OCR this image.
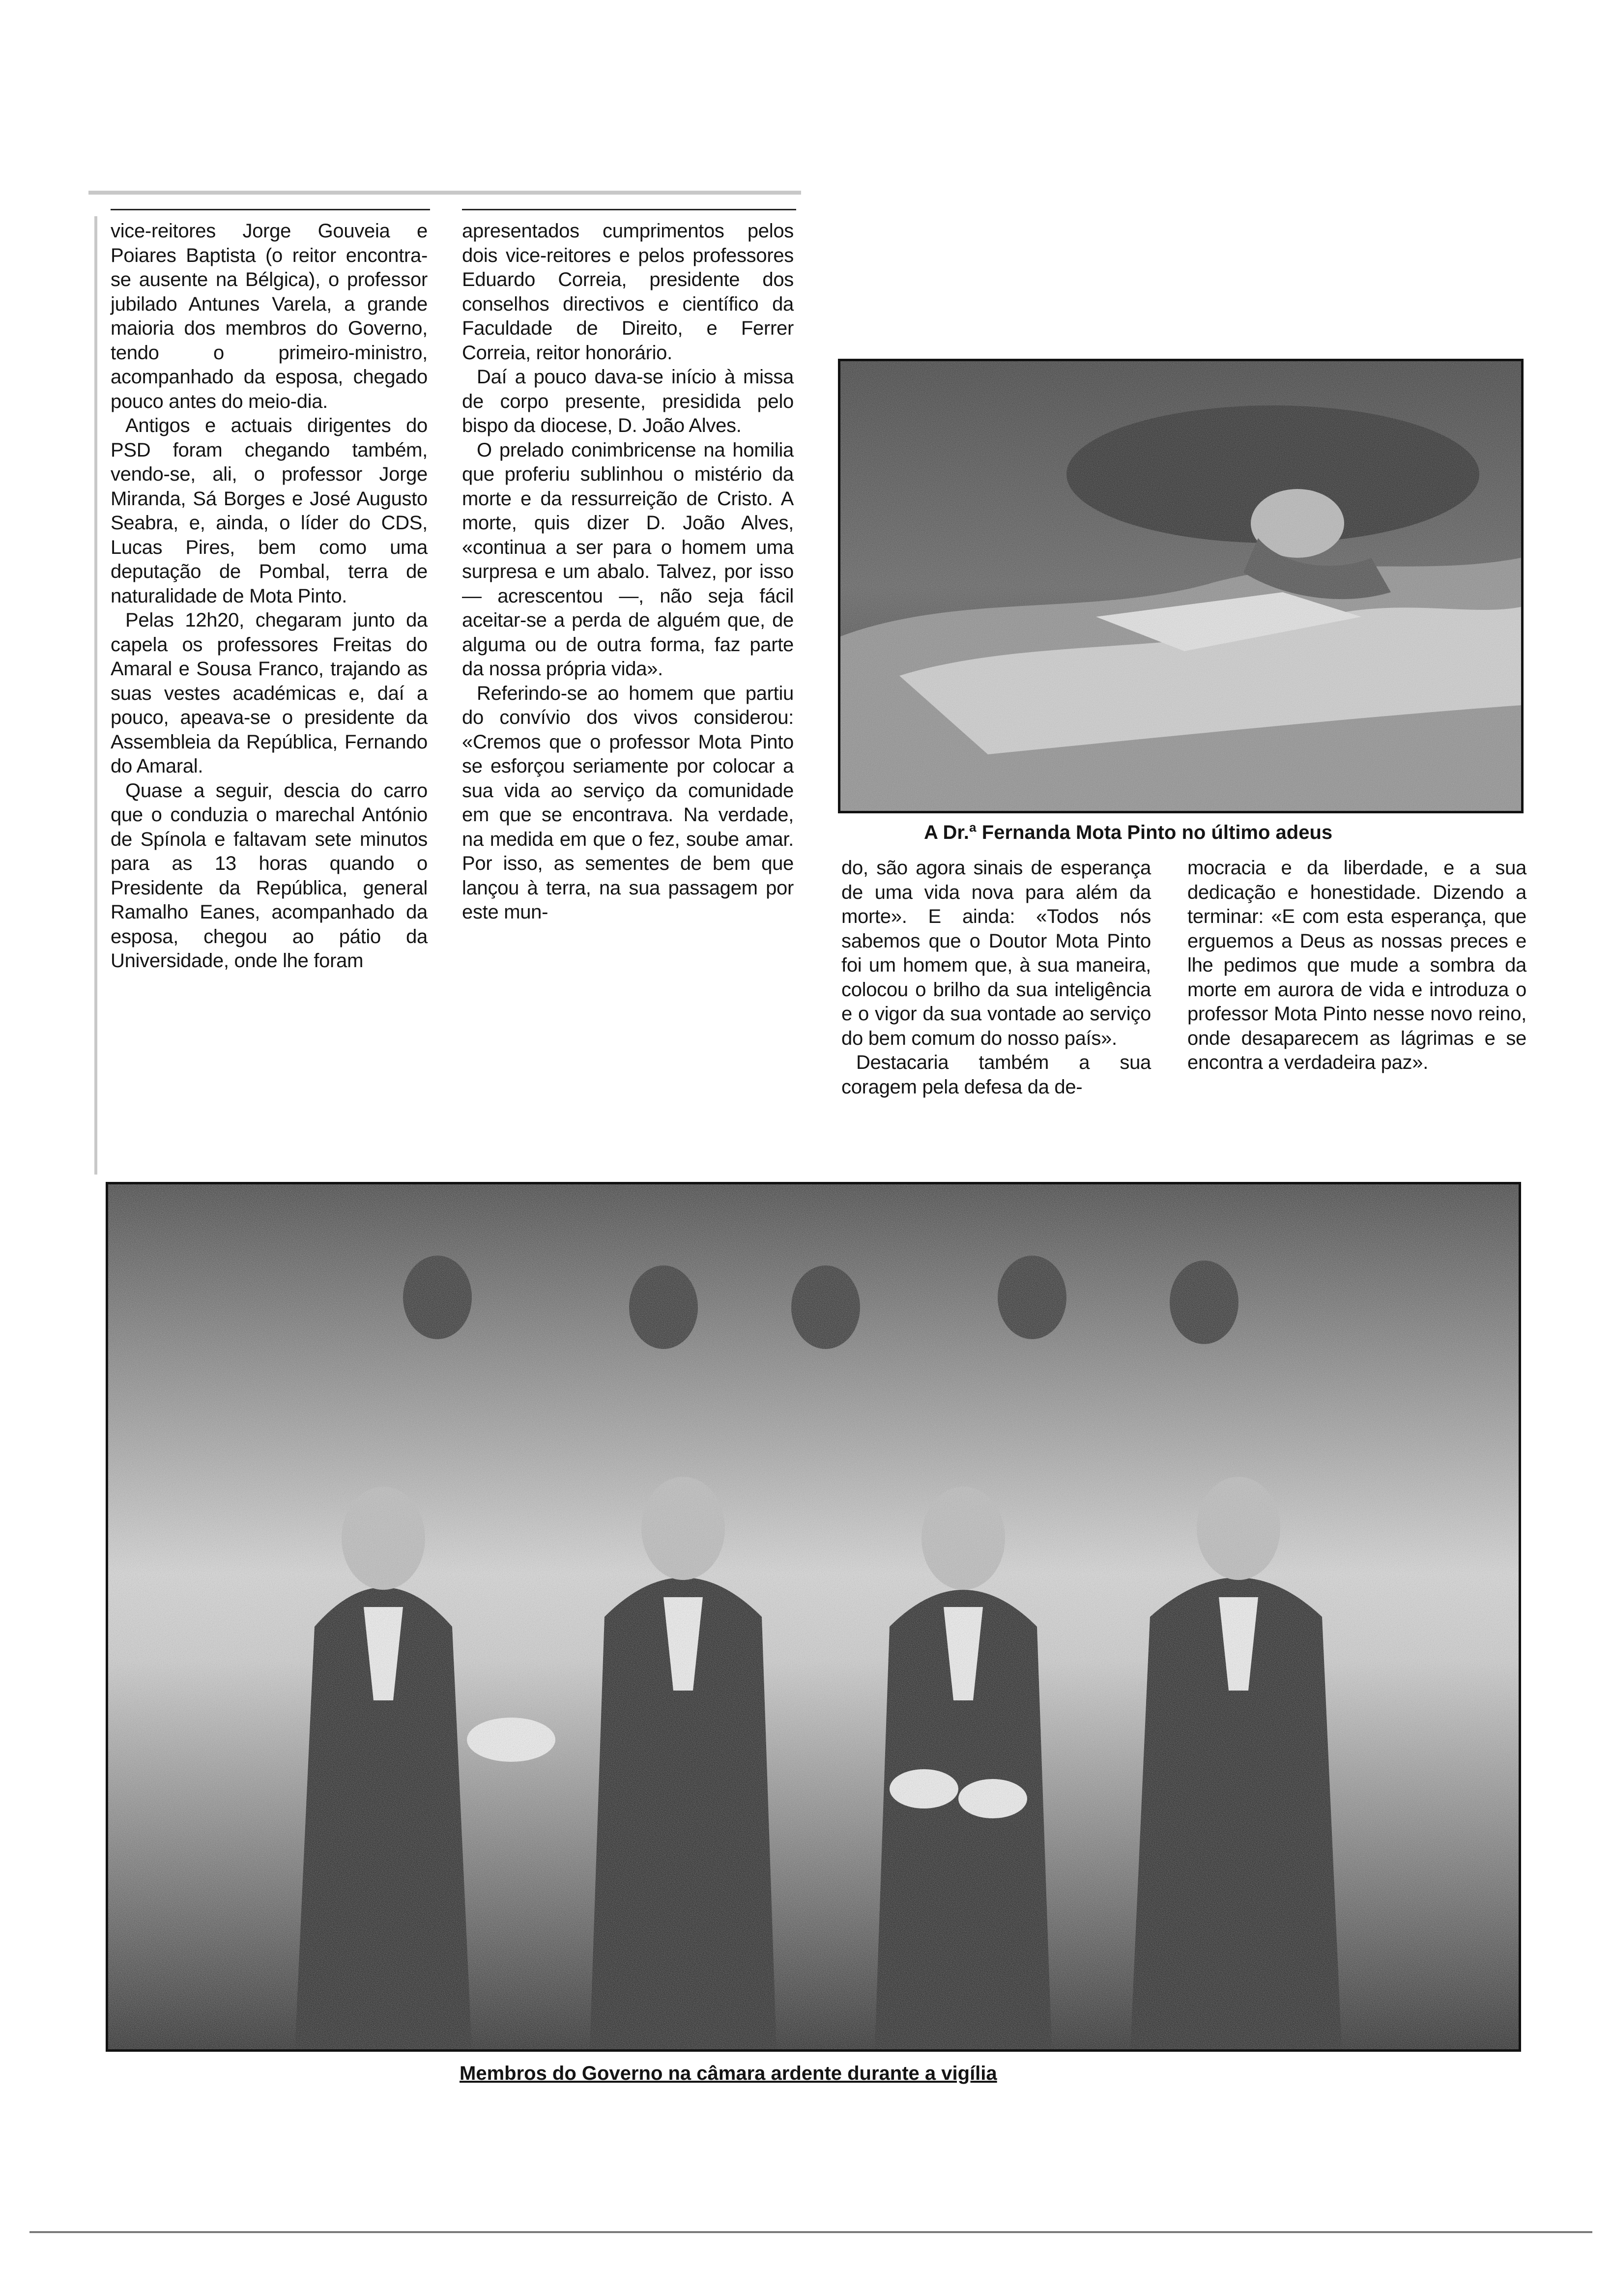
vice-reitores Jorge Gouveia e Poiares Baptista (o reitor encontra-se ausente na Bélgica), o professor jubilado Antunes Varela, a grande maioria dos membros do Governo, tendo o primeiro-ministro, acompanhado da esposa, chegado pouco antes do meio-dia.

Antigos e actuais dirigentes do PSD foram chegando também, vendo-se, ali, o professor Jorge Miranda, Sá Borges e José Augusto Seabra, e, ainda, o líder do CDS, Lucas Pires, bem como uma deputação de Pombal, terra de naturalidade de Mota Pinto.

Pelas 12h20, chegaram junto da capela os professores Freitas do Amaral e Sousa Franco, trajando as suas vestes académicas e, daí a pouco, apeava-se o presidente da Assembleia da República, Fernando do Amaral.

Quase a seguir, descia do carro que o conduzia o marechal António de Spínola e faltavam sete minutos para as 13 horas quando o Presidente da República, general Ramalho Eanes, acompanhado da esposa, chegou ao pátio da Universidade, onde lhe foram

apresentados cumprimentos pelos dois vice-reitores e pelos professores Eduardo Correia, presidente dos conselhos directivos e científico da Faculdade de Direito, e Ferrer Correia, reitor honorário.

Daí a pouco dava-se início à missa de corpo presente, presidida pelo bispo da diocese, D. João Alves.

O prelado conimbricense na homilia que proferiu sublinhou o mistério da morte e da ressurreição de Cristo. A morte, quis dizer D. João Alves, «continua a ser para o homem uma surpresa e um abalo. Talvez, por isso — acrescentou —, não seja fácil aceitar-se a perda de alguém que, de alguma ou de outra forma, faz parte da nossa própria vida».

Referindo-se ao homem que partiu do convívio dos vivos considerou: «Cremos que o professor Mota Pinto se esforçou seriamente por colocar a sua vida ao serviço da comunidade em que se encontrava. Na verdade, na medida em que o fez, soube amar. Por isso, as sementes de bem que lançou à terra, na sua passagem por este mun-

do, são agora sinais de esperança de uma vida nova para além da morte». E ainda: «Todos nós sabemos que o Doutor Mota Pinto foi um homem que, à sua maneira, colocou o brilho da sua inteligência e o vigor da sua vontade ao serviço do bem comum do nosso país».

Destacaria também a sua coragem pela defesa da de-

mocracia e da liberdade, e a sua dedicação e honestidade. Dizendo a terminar: «E com esta esperança, que erguemos a Deus as nossas preces e lhe pedimos que mude a sombra da morte em aurora de vida e introduza o professor Mota Pinto nesse novo reino, onde desaparecem as lágrimas e se encontra a verdadeira paz».

A Dr.ª Fernanda Mota Pinto no último adeus
Membros do Governo na câmara ardente durante a vigília
